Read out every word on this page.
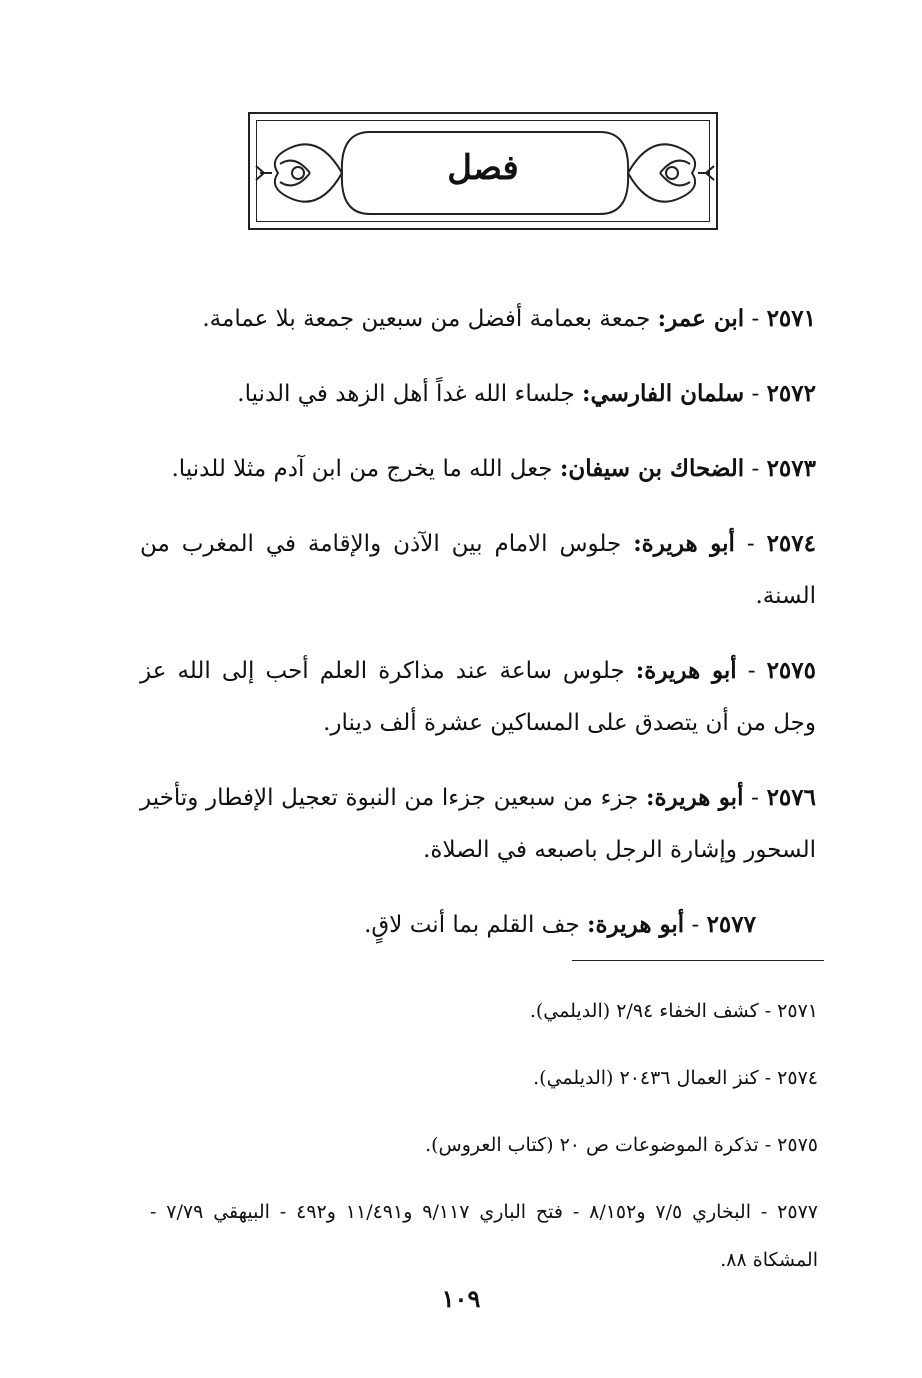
فصل

٢٥٧١ - ابن عمر: جمعة بعمامة أفضل من سبعين جمعة بلا عمامة.

٢٥٧٢ - سلمان الفارسي: جلساء الله غداً أهل الزهد في الدنيا.

٢٥٧٣ - الضحاك بن سيفان: جعل الله ما يخرج من ابن آدم مثلا للدنيا.

٢٥٧٤ - أبو هريرة: جلوس الامام بين الآذن والإقامة في المغرب من السنة.

٢٥٧٥ - أبو هريرة: جلوس ساعة عند مذاكرة العلم أحب إلى الله عز وجل من أن يتصدق على المساكين عشرة ألف دينار.

٢٥٧٦ - أبو هريرة: جزء من سبعين جزءا من النبوة تعجيل الإفطار وتأخير السحور وإشارة الرجل باصبعه في الصلاة.

٢٥٧٧ - أبو هريرة: جف القلم بما أنت لاقٍ.

٢٥٧١ - كشف الخفاء ٢/٩٤ (الديلمي).

٢٥٧٤ - كنز العمال ٢٠٤٣٦ (الديلمي).

٢٥٧٥ - تذكرة الموضوعات ص ٢٠ (كتاب العروس).

٢٥٧٧ - البخاري ٧/٥ و٨/١٥٢ - فتح الباري ٩/١١٧ و١١/٤٩١ و٤٩٢ - البيهقي ٧/٧٩ - المشكاة ٨٨.

١٠٩
